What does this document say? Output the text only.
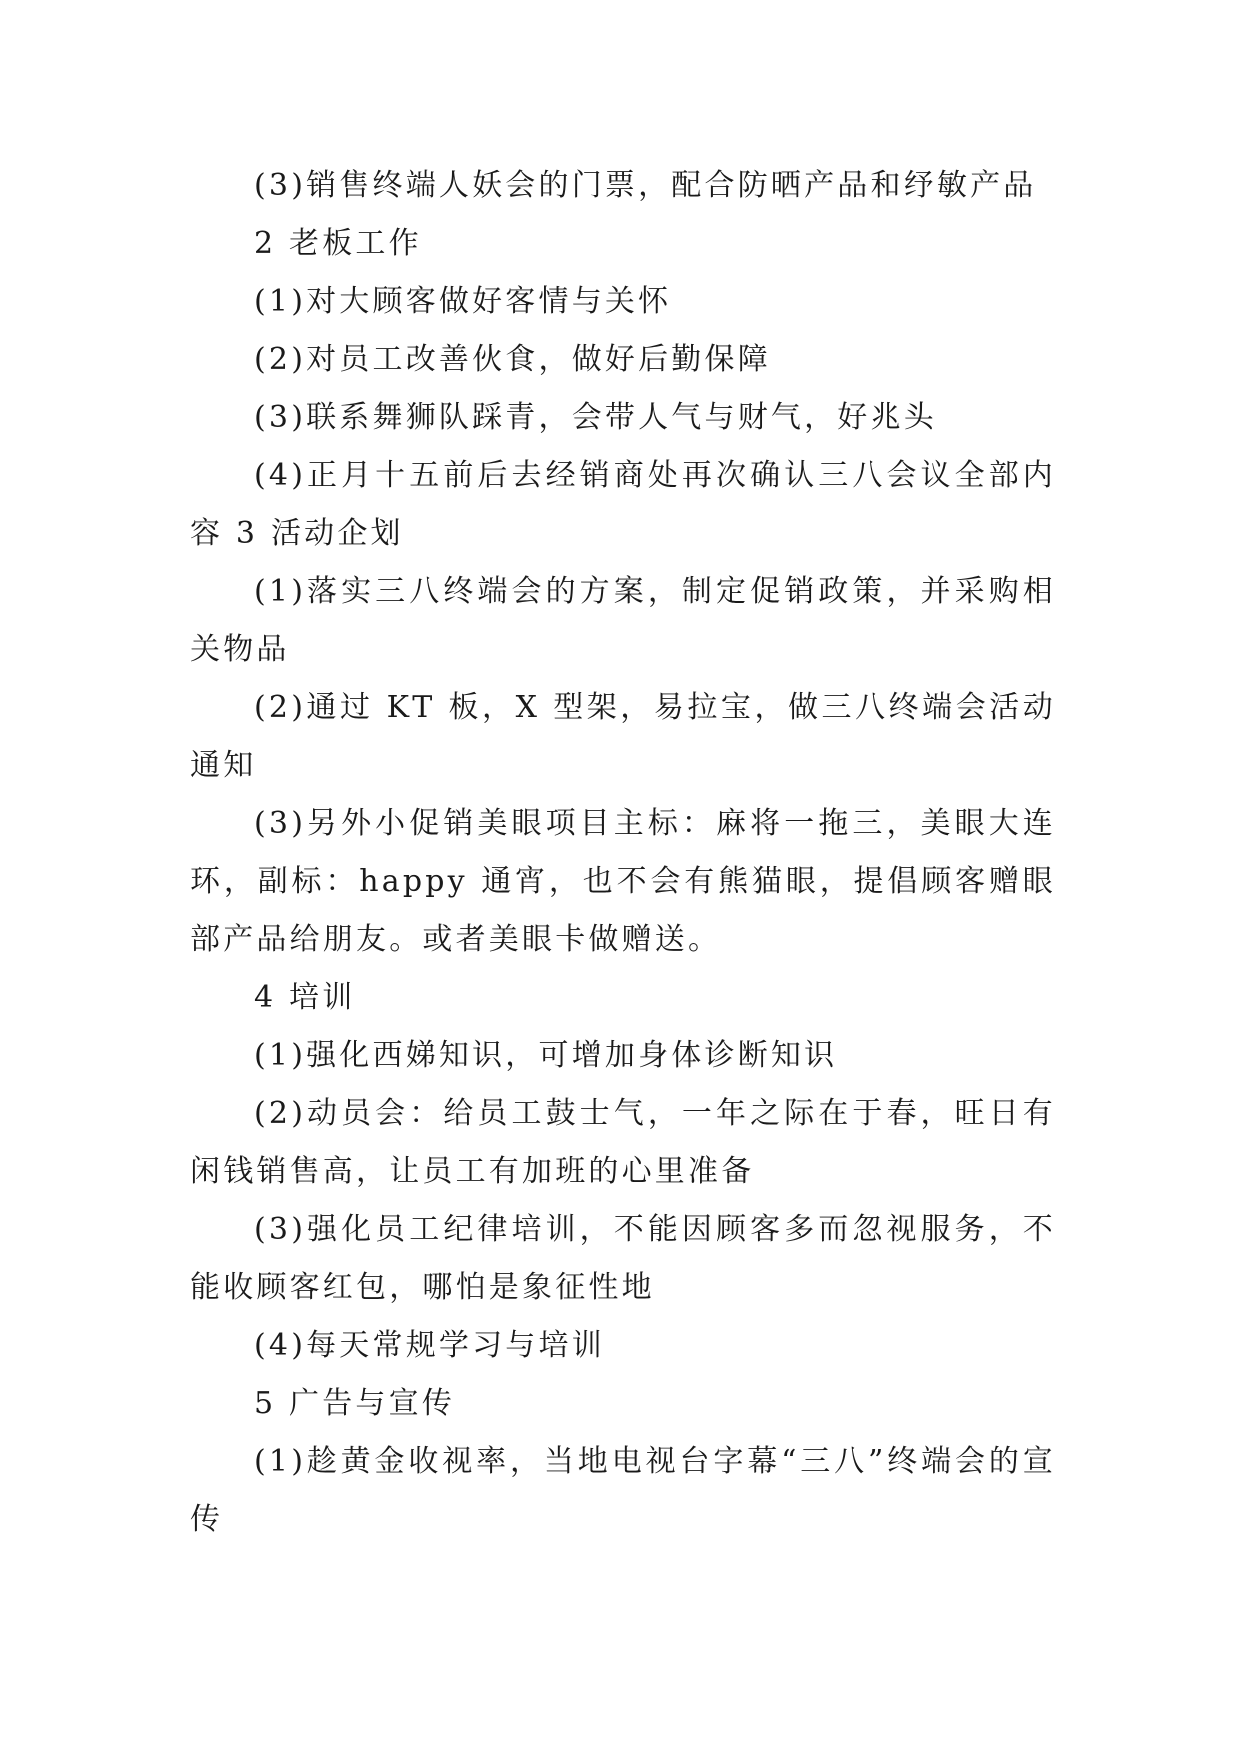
(3)销售终端人妖会的门票，配合防晒产品和纾敏产品

2 老板工作

(1)对大顾客做好客情与关怀

(2)对员工改善伙食，做好后勤保障

(3)联系舞狮队踩青，会带人气与财气，好兆头

(4)正月十五前后去经销商处再次确认三八会议全部内容 3 活动企划

(1)落实三八终端会的方案，制定促销政策，并采购相关物品

(2)通过 KT 板，X 型架，易拉宝，做三八终端会活动通知

(3)另外小促销美眼项目主标：麻将一拖三，美眼大连环，副标：happy 通宵，也不会有熊猫眼，提倡顾客赠眼部产品给朋友。或者美眼卡做赠送。

4 培训

(1)强化西娣知识，可增加身体诊断知识

(2)动员会：给员工鼓士气，一年之际在于春，旺日有闲钱销售高，让员工有加班的心里准备

(3)强化员工纪律培训，不能因顾客多而忽视服务，不能收顾客红包，哪怕是象征性地

(4)每天常规学习与培训

5 广告与宣传

(1)趁黄金收视率，当地电视台字幕“三八”终端会的宣传
